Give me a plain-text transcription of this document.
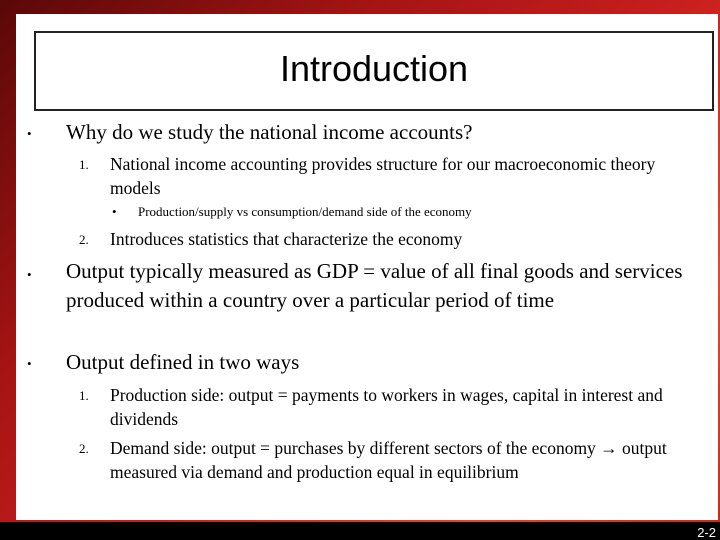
Introduction
• Why do we study the national income accounts?
1. National income accounting provides structure for our macroeconomic theory models
• Production/supply vs consumption/demand side of the economy
2. Introduces statistics that characterize the economy
• Output typically measured as GDP = value of all final goods and services produced within a country over a particular period of time
• Output defined in two ways
1. Production side: output = payments to workers in wages, capital in interest and dividends
2. Demand side: output = purchases by different sectors of the economy → output measured via demand and production equal in equilibrium
2-2
